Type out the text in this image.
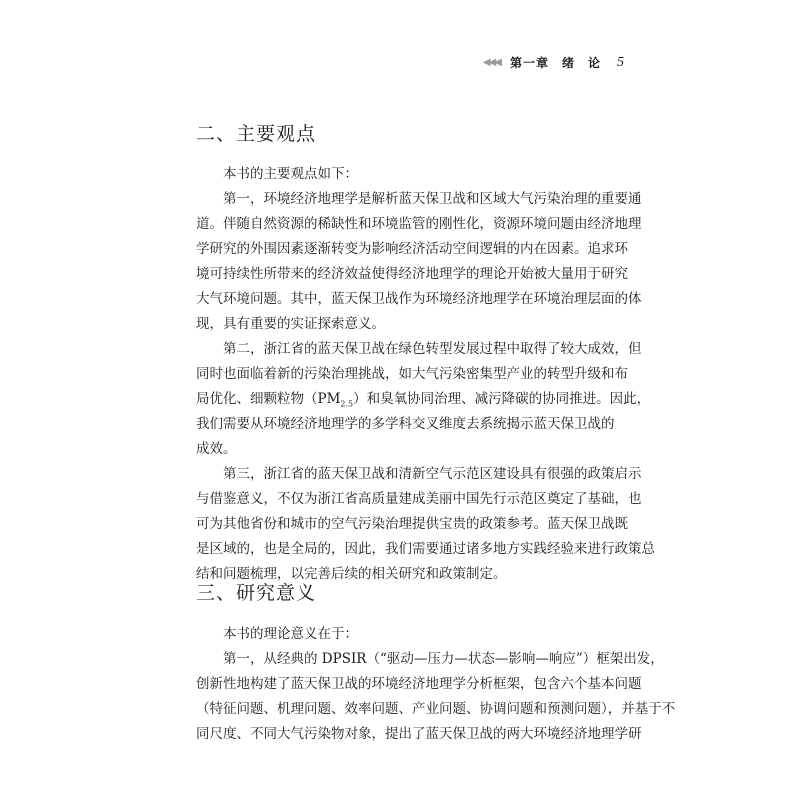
◀◀◀ 第一章　绪　论 5
二、主要观点
本书的主要观点如下：
第一，环境经济地理学是解析蓝天保卫战和区域大气污染治理的重要通
道。伴随自然资源的稀缺性和环境监管的刚性化，资源环境问题由经济地理
学研究的外围因素逐渐转变为影响经济活动空间逻辑的内在因素。追求环
境可持续性所带来的经济效益使得经济地理学的理论开始被大量用于研究
大气环境问题。其中，蓝天保卫战作为环境经济地理学在环境治理层面的体
现，具有重要的实证探索意义。
第二，浙江省的蓝天保卫战在绿色转型发展过程中取得了较大成效，但
同时也面临着新的污染治理挑战，如大气污染密集型产业的转型升级和布
局优化、细颗粒物$(PM_{2.5})$和臭氧协同治理、减污降碳的协同推进。因此，
我们需要从环境经济地理学的多学科交叉维度去系统揭示蓝天保卫战的
成效。
第三，浙江省的蓝天保卫战和清新空气示范区建设具有很强的政策启示
与借鉴意义，不仅为浙江省高质量建成美丽中国先行示范区奠定了基础，也
可为其他省份和城市的空气污染治理提供宝贵的政策参考。蓝天保卫战既
是区域的，也是全局的，因此，我们需要通过诸多地方实践经验来进行政策总
结和问题梳理，以完善后续的相关研究和政策制定。
三、研究意义
本书的理论意义在于：
第一，从经典的 DPSIR（“驱动—压力—状态—影响—响应”）框架出发，
创新性地构建了蓝天保卫战的环境经济地理学分析框架，包含六个基本问题
（特征问题、机理问题、效率问题、产业问题、协调问题和预测问题），并基于不
同尺度、不同大气污染物对象，提出了蓝天保卫战的两大环境经济地理学研
